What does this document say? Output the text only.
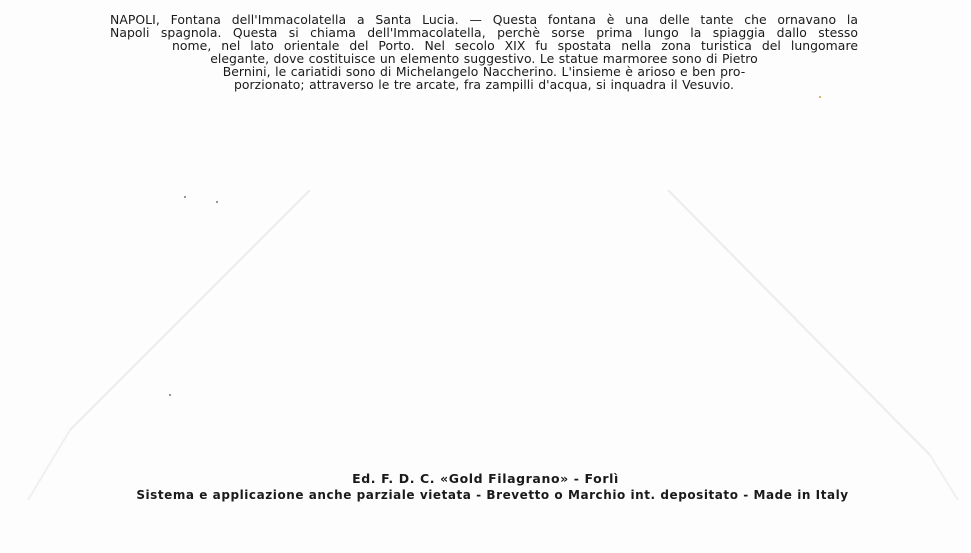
NAPOLI, Fontana dell'Immacolatella a Santa Lucia. — Questa fontana è una delle tante che ornavano la
Napoli spagnola. Questa si chiama dell'Immacolatella, perchè sorse prima lungo la spiaggia dallo stesso
nome, nel lato orientale del Porto. Nel secolo XIX fu spostata nella zona turistica del lungomare
elegante, dove costituisce un elemento suggestivo. Le statue marmoree sono di Pietro
Bernini, le cariatidi sono di Michelangelo Naccherino. L'insieme è arioso e ben pro-
porzionato; attraverso le tre arcate, fra zampilli d'acqua, si inquadra il Vesuvio.
Ed. F. D. C. «Gold Filagrano» - Forlì
Sistema e applicazione anche parziale vietata - Brevetto o Marchio int. depositato - Made in Italy
